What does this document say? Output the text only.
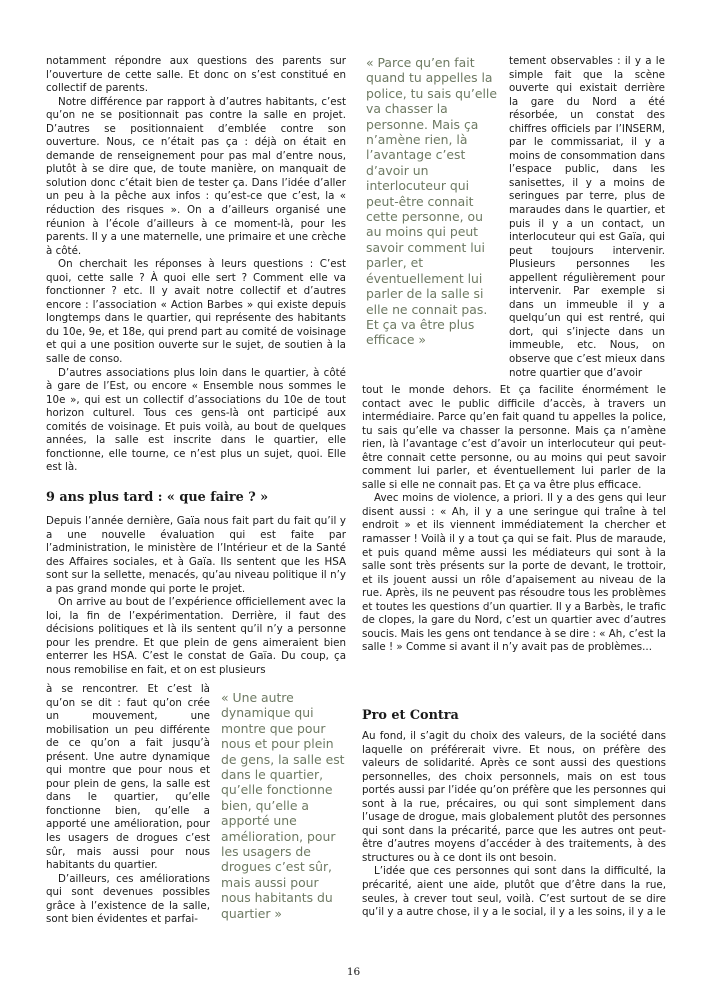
notamment répondre aux questions des parents sur l’ouverture de cette salle. Et donc on s’est constitué en collectif de parents.

Notre différence par rapport à d’autres habitants, c’est qu’on ne se positionnait pas contre la salle en projet. D’autres se positionnaient d’emblée contre son ouverture. Nous, ce n’était pas ça : déjà on était en demande de renseignement pour pas mal d’entre nous, plutôt à se dire que, de toute manière, on manquait de solution donc c’était bien de tester ça. Dans l’idée d’aller un peu à la pêche aux infos : qu’est-ce que c’est, la « réduction des risques ». On a d’ailleurs organisé une réunion à l’école d’ailleurs à ce moment-là, pour les parents. Il y a une maternelle, une primaire et une crèche à côté.

On cherchait les réponses à leurs questions : C’est quoi, cette salle ? À quoi elle sert ? Comment elle va fonctionner ? etc. Il y avait notre collectif et d’autres encore : l’association « Action Barbes » qui existe depuis longtemps dans le quartier, qui représente des habitants du 10e, 9e, et 18e, qui prend part au comité de voisinage et qui a une position ouverte sur le sujet, de soutien à la salle de conso.

D’autres associations plus loin dans le quartier, à côté à gare de l’Est, ou encore « Ensemble nous sommes le 10e », qui est un collectif d’associations du 10e de tout horizon culturel. Tous ces gens-là ont participé aux comités de voisinage. Et puis voilà, au bout de quelques années, la salle est inscrite dans le quartier, elle fonctionne, elle tourne, ce n’est plus un sujet, quoi. Elle est là.

9 ans plus tard : « que faire ? »

Depuis l’année dernière, Gaïa nous fait part du fait qu’il y a une nouvelle évaluation qui est faite par l’administration, le ministère de l’Intérieur et de la Santé des Affaires sociales, et à Gaïa. Ils sentent que les HSA sont sur la sellette, menacés, qu’au niveau politique il n’y a pas grand monde qui porte le projet.

On arrive au bout de l’expérience officiellement avec la loi, la fin de l’expérimentation. Derrière, il faut des décisions politiques et là ils sentent qu’il n’y a personne pour les prendre. Et que plein de gens aimeraient bien enterrer les HSA. C’est le constat de Gaïa. Du coup, ça nous remobilise en fait, et on est plusieurs

à se rencontrer. Et c’est là qu’on se dit : faut qu’on crée un mouvement, une mobilisation un peu différente de ce qu’on a fait jusqu’à présent. Une autre dynamique qui montre que pour nous et pour plein de gens, la salle est dans le quartier, qu’elle fonctionne bien, qu’elle a apporté une amélioration, pour les usagers de drogues c’est sûr, mais aussi pour nous habitants du quartier.

D’ailleurs, ces améliorations qui sont devenues possibles grâce à l’existence de la salle, sont bien évidentes et parfai-

« Une autre dynamique qui montre que pour nous et pour plein de gens, la salle est dans le quartier, qu’elle fonctionne bien, qu’elle a apporté une amélioration, pour les usagers de drogues c’est sûr, mais aussi pour nous habitants du quartier »
« Parce qu’en fait quand tu appelles la police, tu sais qu’elle va chasser la personne. Mais ça n’amène rien, là l’avantage c’est d’avoir un interlocuteur qui peut-être connait cette personne, ou au moins qui peut savoir comment lui parler, et éventuellement lui parler de la salle si elle ne connait pas. Et ça va être plus efficace »

tement observables : il y a le simple fait que la scène ouverte qui existait derrière la gare du Nord a été résorbée, un constat des chiffres officiels par l’INSERM, par le commissariat, il y a moins de consommation dans l’espace public, dans les sanisettes, il y a moins de seringues par terre, plus de maraudes dans le quartier, et puis il y a un contact, un interlocuteur qui est Gaïa, qui peut toujours intervenir. Plusieurs personnes les appellent régulièrement pour intervenir. Par exemple si dans un immeuble il y a quelqu’un qui est rentré, qui dort, qui s’injecte dans un immeuble, etc. Nous, on observe que c’est mieux dans notre quartier que d’avoir

tout le monde dehors. Et ça facilite énormément le contact avec le public difficile d’accès, à travers un intermédiaire. Parce qu’en fait quand tu appelles la police, tu sais qu’elle va chasser la personne. Mais ça n’amène rien, là l’avantage c’est d’avoir un interlocuteur qui peut-être connait cette personne, ou au moins qui peut savoir comment lui parler, et éventuellement lui parler de la salle si elle ne connait pas. Et ça va être plus efficace.

Avec moins de violence, a priori. Il y a des gens qui leur disent aussi : « Ah, il y a une seringue qui traîne à tel endroit » et ils viennent immédiatement la chercher et ramasser ! Voilà il y a tout ça qui se fait. Plus de maraude, et puis quand même aussi les médiateurs qui sont à la salle sont très présents sur la porte de devant, le trottoir, et ils jouent aussi un rôle d’apaisement au niveau de la rue. Après, ils ne peuvent pas résoudre tous les problèmes et toutes les questions d’un quartier. Il y a Barbès, le trafic de clopes, la gare du Nord, c’est un quartier avec d’autres soucis. Mais les gens ont tendance à se dire : « Ah, c’est la salle ! » Comme si avant il n’y avait pas de problèmes...

Pro et Contra

Au fond, il s’agit du choix des valeurs, de la société dans laquelle on préférerait vivre. Et nous, on préfère des valeurs de solidarité. Après ce sont aussi des questions personnelles, des choix personnels, mais on est tous portés aussi par l’idée qu’on préfère que les personnes qui sont à la rue, précaires, ou qui sont simplement dans l’usage de drogue, mais globalement plutôt des personnes qui sont dans la précarité, parce que les autres ont peut-être d’autres moyens d’accéder à des traitements, à des structures ou à ce dont ils ont besoin.

L’idée que ces personnes qui sont dans la difficulté, la précarité, aient une aide, plutôt que d’être dans la rue, seules, à crever tout seul, voilà. C’est surtout de se dire qu’il y a autre chose, il y a le social, il y a les soins, il y a le

16
